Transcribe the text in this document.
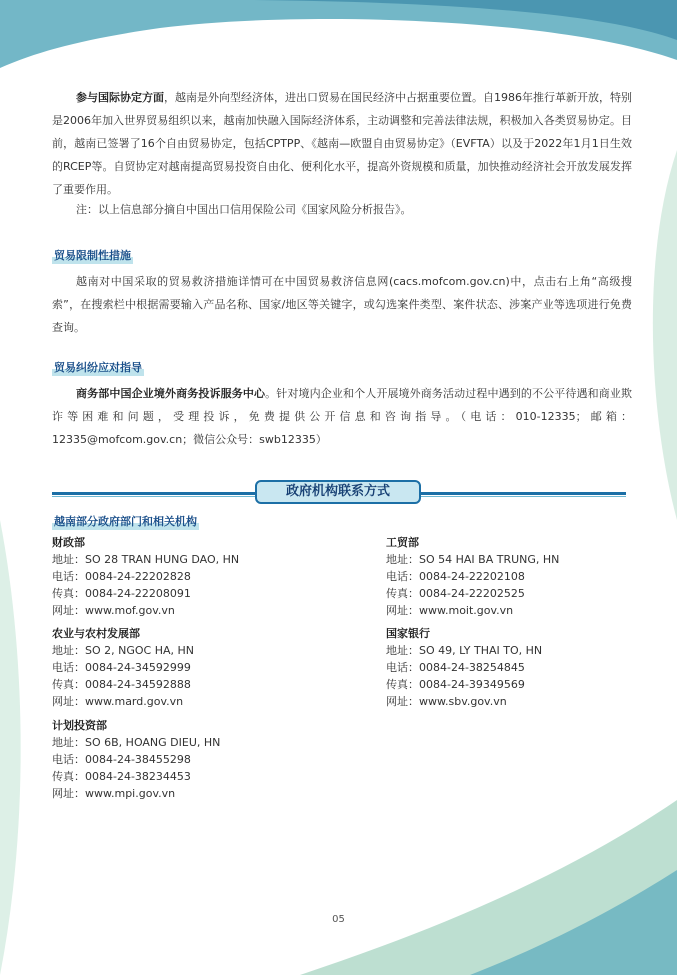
参与国际协定方面，越南是外向型经济体，进出口贸易在国民经济中占据重要位置。自1986年推行革新开放，特别是2006年加入世界贸易组织以来，越南加快融入国际经济体系，主动调整和完善法律法规，积极加入各类贸易协定。目前，越南已签署了16个自由贸易协定，包括CPTPP、《越南—欧盟自由贸易协定》（EVFTA）以及于2022年1月1日生效的RCEP等。自贸协定对越南提高贸易投资自由化、便利化水平，提高外资规模和质量，加快推动经济社会开放发展发挥了重要作用。

注：以上信息部分摘自中国出口信用保险公司《国家风险分析报告》。

贸易限制性措施

越南对中国采取的贸易救济措施详情可在中国贸易救济信息网(cacs.mofcom.gov.cn)中，点击右上角“高级搜索”，在搜索栏中根据需要输入产品名称、国家/地区等关键字，或勾选案件类型、案件状态、涉案产业等选项进行免费查询。

贸易纠纷应对指导

商务部中国企业境外商务投诉服务中心。针对境内企业和个人开展境外商务活动过程中遇到的不公平待遇和商业欺诈等困难和问题，受理投诉，免费提供公开信息和咨询指导。（电话：010-12335；邮箱：12335@mofcom.gov.cn；微信公众号：swb12335）

政府机构联系方式
越南部分政府部门和相关机构
财政部
地址：SO 28 TRAN HUNG DAO, HN
电话：0084-24-22202828
传真：0084-24-22208091
网址：www.mof.gov.vn
工贸部
地址：SO 54 HAI BA TRUNG, HN
电话：0084-24-22202108
传真：0084-24-22202525
网址：www.moit.gov.vn
农业与农村发展部
地址：SO 2, NGOC HA, HN
电话：0084-24-34592999
传真：0084-24-34592888
网址：www.mard.gov.vn
国家银行
地址：SO 49, LY THAI TO, HN
电话：0084-24-38254845
传真：0084-24-39349569
网址：www.sbv.gov.vn
计划投资部
地址：SO 6B, HOANG DIEU, HN
电话：0084-24-38455298
传真：0084-24-38234453
网址：www.mpi.gov.vn
05
